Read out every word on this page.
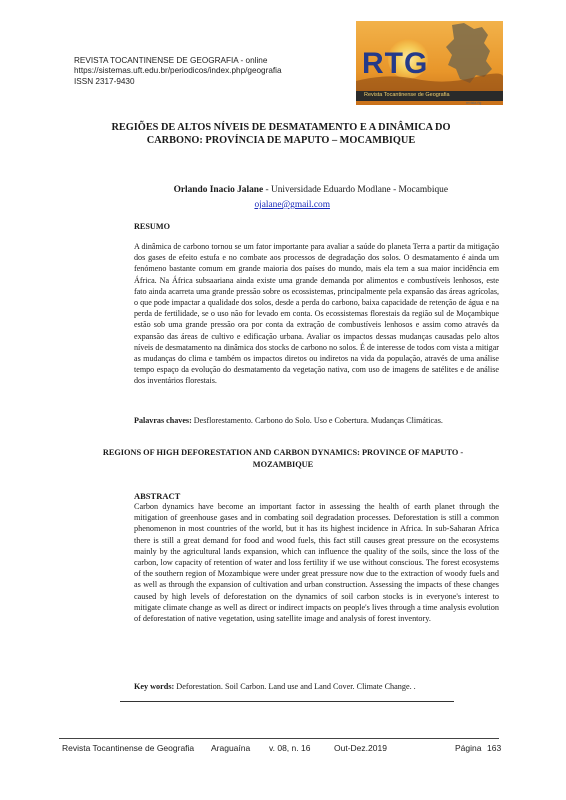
REVISTA TOCANTINENSE DE GEOGRAFIA - online
https://sistemas.uft.edu.br/periodicos/index.php/geografia
ISSN 2317-9430
RTG
Revista Tocantinense de Geografia
revista.rtg
REGIÕES DE ALTOS NÍVEIS DE DESMATAMENTO E A DINÂMICA DO CARBONO: PROVÍNCIA DE MAPUTO – MOCAMBIQUE
Orlando Inacio Jalane - Universidade Eduardo Modlane - Mocambique
ojalane@gmail.com
RESUMO
A dinâmica de carbono tornou se um fator importante para avaliar a saúde do planeta Terra a partir da mitigação dos gases de efeito estufa e no combate aos processos de degradação dos solos. O desmatamento é ainda um fenómeno bastante comum em grande maioria dos países do mundo, mais ela tem a sua maior incidência em África. Na África subsaariana ainda existe uma grande demanda por alimentos e combustíveis lenhosos, este fato ainda acarreta uma grande pressão sobre os ecossistemas, principalmente pela expansão das áreas agrícolas, o que pode impactar a qualidade dos solos, desde a perda do carbono, baixa capacidade de retenção de água e na perda de fertilidade, se o uso não for levado em conta. Os ecossistemas florestais da região sul de Moçambique estão sob uma grande pressão ora por conta da extração de combustíveis lenhosos e assim como através da expansão das áreas de cultivo e edificação urbana. Avaliar os impactos dessas mudanças causadas pelo altos níveis de desmatamento na dinâmica dos stocks de carbono no solos. É de interesse de todos com vista a mitigar as mudanças do clima e também os impactos diretos ou indiretos na vida da população, através de uma análise tempo espaço da evolução do desmatamento da vegetação nativa, com uso de imagens de satélites e de análise dos inventários florestais.
Palavras chaves: Desflorestamento. Carbono do Solo. Uso e Cobertura. Mudanças Climáticas.
REGIONS OF HIGH DEFORESTATION AND CARBON DYNAMICS: PROVINCE OF MAPUTO - MOZAMBIQUE
ABSTRACT
Carbon dynamics have become an important factor in assessing the health of earth planet through the mitigation of greenhouse gases and in combating soil degradation processes. Deforestation is still a common phenomenon in most countries of the world, but it has its highest incidence in Africa. In sub-Saharan Africa there is still a great demand for food and wood fuels, this fact still causes great pressure on the ecosystems mainly by the agricultural lands expansion, which can influence the quality of the soils, since the loss of the carbon, low capacity of retention of water and loss fertility if we use without conscious. The forest ecosystems of the southern region of Mozambique were under great pressure now due to the extraction of woody fuels and as well as through the expansion of cultivation and urban construction. Assessing the impacts of these changes caused by high levels of deforestation on the dynamics of soil carbon stocks is in everyone's interest to mitigate climate change as well as direct or indirect impacts on people's lives through a time analysis evolution of deforestation of native vegetation, using satellite image and analysis of forest inventory.
Key words: Deforestation. Soil Carbon. Land use and Land Cover. Climate Change. .
Revista Tocantinense de Geografia Araguaína v. 08, n. 16	Out-Dez.2019	Página 163
